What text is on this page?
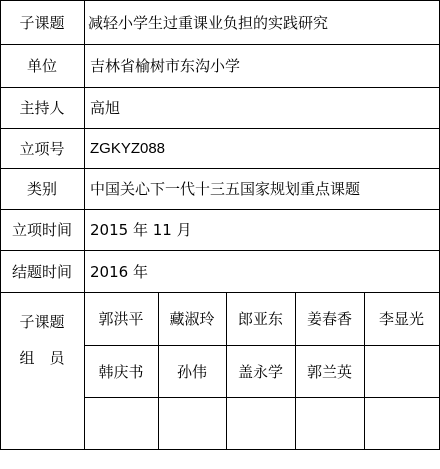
子课题	减轻小学生过重课业负担的实践研究
单位	吉林省榆树市东沟小学
主持人	高旭
立项号	ZGKYZ088
类别	中国关心下一代十三五国家规划重点课题
立项时间	2015 年 11 月
结题时间	2016 年
子课题
组　员
郭洪平	藏淑玲	郎亚东	姜春香	李显光
韩庆书	孙伟	盖永学	郭兰英
